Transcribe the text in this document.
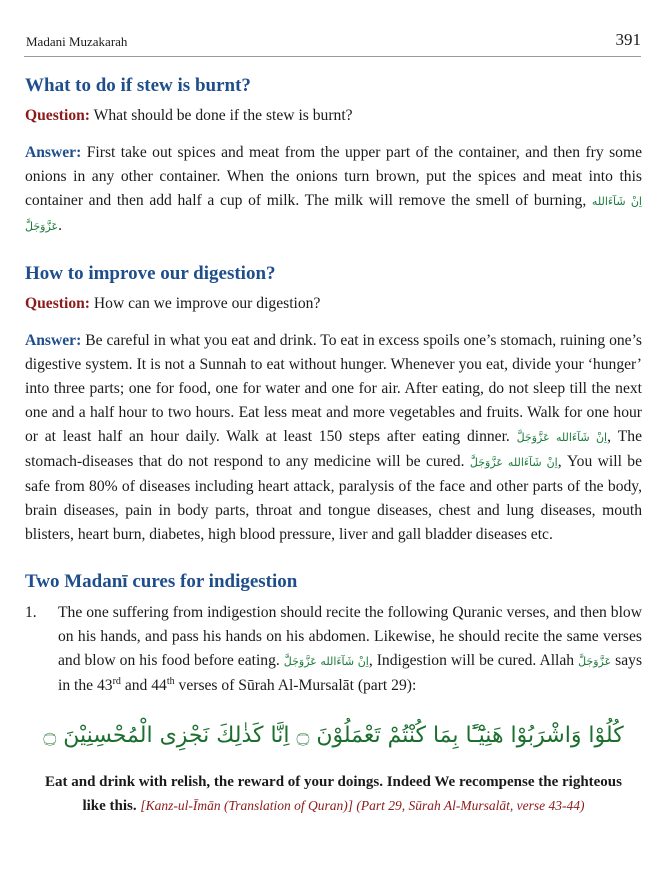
Madani Muzakarah	391
What to do if stew is burnt?

Question: What should be done if the stew is burnt?

Answer: First take out spices and meat from the upper part of the container, and then fry some onions in any other container. When the onions turn brown, put the spices and meat into this container and then add half a cup of milk. The milk will remove the smell of burning, اِنْ شَآءَالله عَزَّوَجَلَّ.

How to improve our digestion?

Question: How can we improve our digestion?

Answer: Be careful in what you eat and drink. To eat in excess spoils one’s stomach, ruining one’s digestive system. It is not a Sunnah to eat without hunger. Whenever you eat, divide your ‘hunger’ into three parts; one for food, one for water and one for air. After eating, do not sleep till the next one and a half hour to two hours. Eat less meat and more vegetables and fruits. Walk for one hour or at least half an hour daily. Walk at least 150 steps after eating dinner. اِنْ شَآءَالله عَزَّوَجَلَّ, The stomach-diseases that do not respond to any medicine will be cured. اِنْ شَآءَالله عَزَّوَجَلَّ, You will be safe from 80% of diseases including heart attack, paralysis of the face and other parts of the body, brain diseases, pain in body parts, throat and tongue diseases, chest and lung diseases, mouth blisters, heart burn, diabetes, high blood pressure, liver and gall bladder diseases etc.

Two Madanī cures for indigestion
1.	The one suffering from indigestion should recite the following Quranic verses, and then blow on his hands, and pass his hands on his abdomen. Likewise, he should recite the same verses and blow on his food before eating. اِنْ شَآءَالله عَزَّوَجَلَّ, Indigestion will be cured. Allah عَزَّوَجَلَّ says in the 43rd and 44th verses of Sūrah Al-Mursalāt (part 29):

كُلُوْا وَاشْرَبُوْا هَنِيْٓـًٔا بِمَا كُنْتُمْ تَعْمَلُوْنَ ۝ اِنَّا كَذٰلِكَ نَجْزِى الْمُحْسِنِيْنَ ۝
Eat and drink with relish, the reward of your doings. Indeed We recompense the righteous like this. [Kanz-ul-Īmān (Translation of Quran)] (Part 29, Sūrah Al-Mursalāt, verse 43-44)
